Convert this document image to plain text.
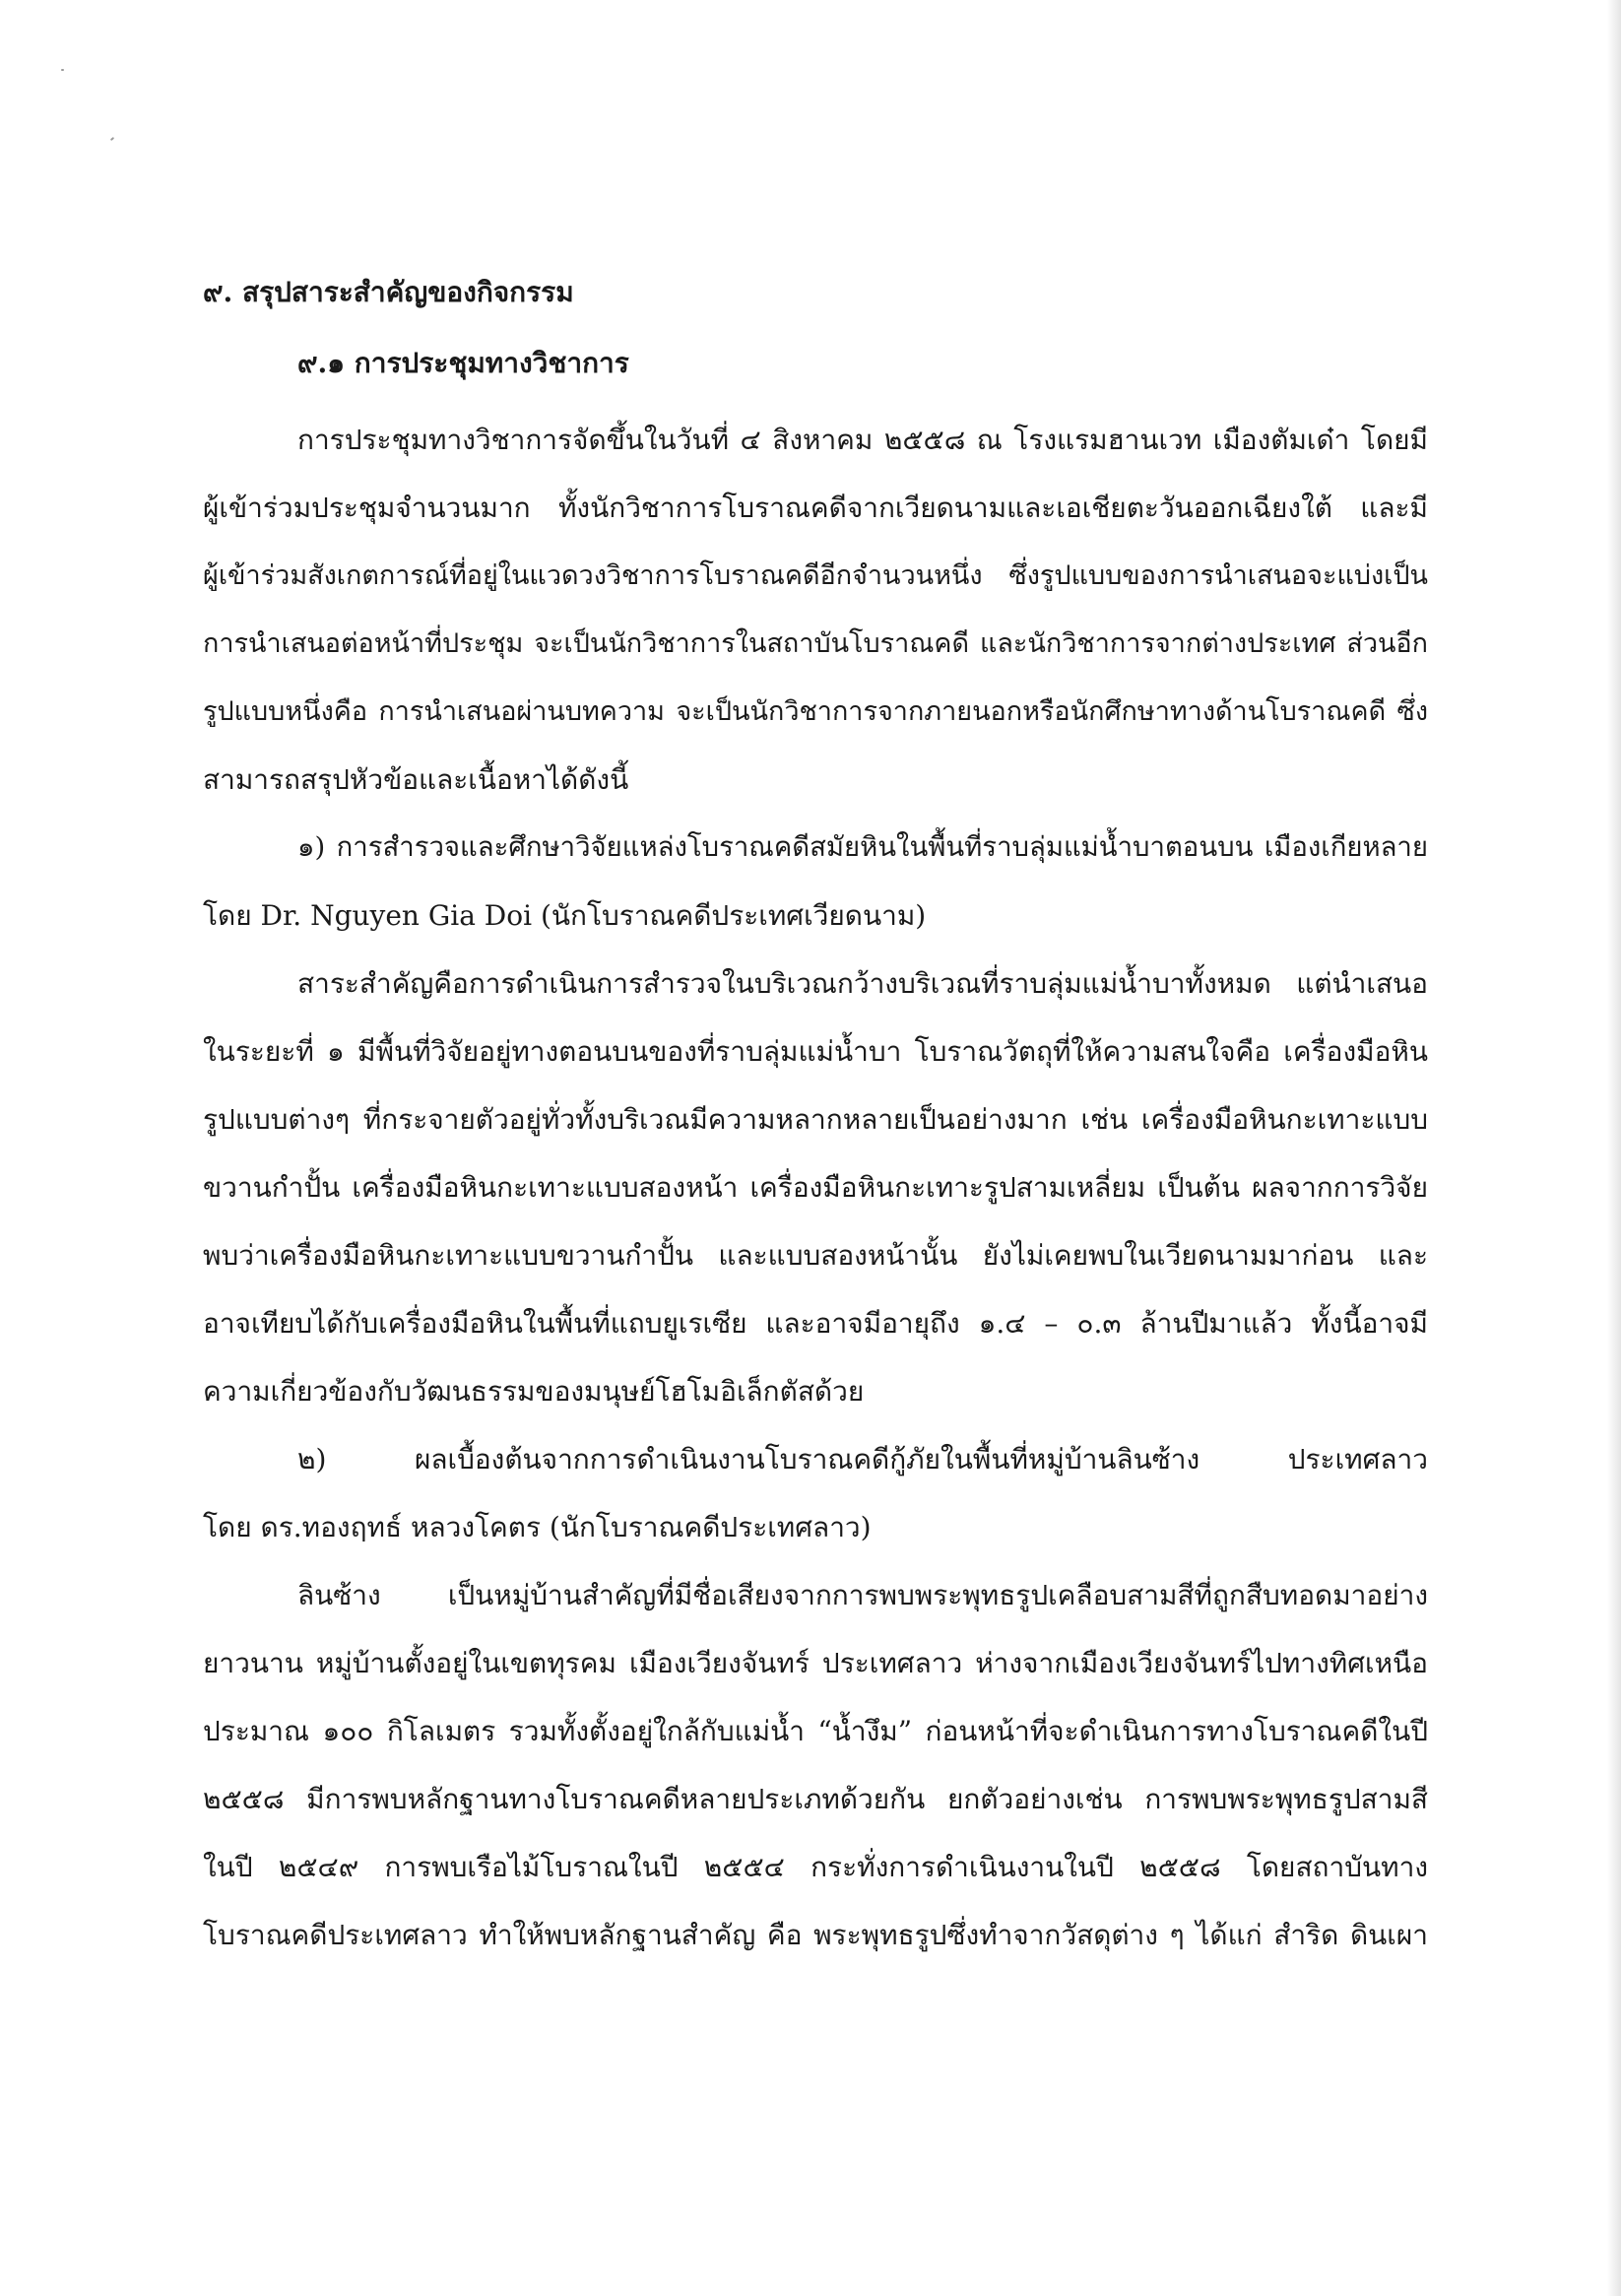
๙. สรุปสาระสำคัญของกิจกรรม
๙.๑ การประชุมทางวิชาการ

การประชุมทางวิชาการจัดขึ้นในวันที่ ๔ สิงหาคม ๒๕๕๘ ณ โรงแรมฮานเวท เมืองตัมเด๋า โดยมี
ผู้เข้าร่วมประชุมจำนวนมาก ทั้งนักวิชาการโบราณคดีจากเวียดนามและเอเชียตะวันออกเฉียงใต้ และมี
ผู้เข้าร่วมสังเกตการณ์ที่อยู่ในแวดวงวิชาการโบราณคดีอีกจำนวนหนึ่ง ซึ่งรูปแบบของการนำเสนอจะแบ่งเป็น
การนำเสนอต่อหน้าที่ประชุม จะเป็นนักวิชาการในสถาบันโบราณคดี และนักวิชาการจากต่างประเทศ ส่วนอีก
รูปแบบหนึ่งคือ การนำเสนอผ่านบทความ จะเป็นนักวิชาการจากภายนอกหรือนักศึกษาทางด้านโบราณคดี ซึ่ง
สามารถสรุปหัวข้อและเนื้อหาได้ดังนี้

๑) การสำรวจและศึกษาวิจัยแหล่งโบราณคดีสมัยหินในพื้นที่ราบลุ่มแม่น้ำบาตอนบน เมืองเกียหลาย
โดย Dr. Nguyen Gia Doi (นักโบราณคดีประเทศเวียดนาม)

สาระสำคัญคือการดำเนินการสำรวจในบริเวณกว้างบริเวณที่ราบลุ่มแม่น้ำบาทั้งหมด แต่นำเสนอ
ในระยะที่ ๑ มีพื้นที่วิจัยอยู่ทางตอนบนของที่ราบลุ่มแม่น้ำบา โบราณวัตถุที่ให้ความสนใจคือ เครื่องมือหิน
รูปแบบต่างๆ ที่กระจายตัวอยู่ทั่วทั้งบริเวณมีความหลากหลายเป็นอย่างมาก เช่น เครื่องมือหินกะเทาะแบบ
ขวานกำปั้น เครื่องมือหินกะเทาะแบบสองหน้า เครื่องมือหินกะเทาะรูปสามเหลี่ยม เป็นต้น ผลจากการวิจัย
พบว่าเครื่องมือหินกะเทาะแบบขวานกำปั้น และแบบสองหน้านั้น ยังไม่เคยพบในเวียดนามมาก่อน และ
อาจเทียบได้กับเครื่องมือหินในพื้นที่แถบยูเรเซีย และอาจมีอายุถึง ๑.๔ – ๐.๓ ล้านปีมาแล้ว ทั้งนี้อาจมี
ความเกี่ยวข้องกับวัฒนธรรมของมนุษย์โฮโมอิเล็กตัสด้วย

๒) ผลเบื้องต้นจากการดำเนินงานโบราณคดีกู้ภัยในพื้นที่หมู่บ้านลินซ้าง ประเทศลาว
โดย ดร.ทองฤทธ์ หลวงโคตร (นักโบราณคดีประเทศลาว)

ลินซ้าง เป็นหมู่บ้านสำคัญที่มีชื่อเสียงจากการพบพระพุทธรูปเคลือบสามสีที่ถูกสืบทอดมาอย่าง
ยาวนาน หมู่บ้านตั้งอยู่ในเขตทุรคม เมืองเวียงจันทร์ ประเทศลาว ห่างจากเมืองเวียงจันทร์ไปทางทิศเหนือ
ประมาณ ๑๐๐ กิโลเมตร รวมทั้งตั้งอยู่ใกล้กับแม่น้ำ “น้ำงึม” ก่อนหน้าที่จะดำเนินการทางโบราณคดีในปี
๒๕๕๘ มีการพบหลักฐานทางโบราณคดีหลายประเภทด้วยกัน ยกตัวอย่างเช่น การพบพระพุทธรูปสามสี
ในปี ๒๕๔๙ การพบเรือไม้โบราณในปี ๒๕๕๔ กระทั่งการดำเนินงานในปี ๒๕๕๘ โดยสถาบันทาง
โบราณคดีประเทศลาว ทำให้พบหลักฐานสำคัญ คือ พระพุทธรูปซึ่งทำจากวัสดุต่าง ๆ ได้แก่ สำริด ดินเผา
